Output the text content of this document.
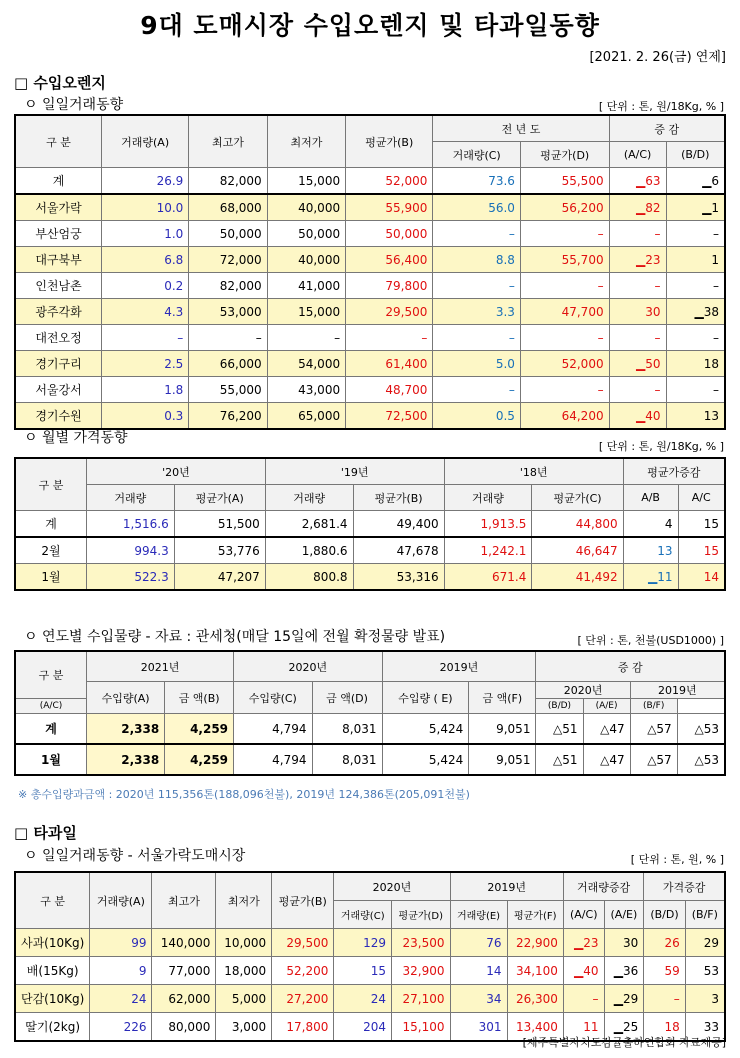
9대 도매시장 수입오렌지 및 타과일동향
[2021. 2. 26(금) 연제]
□ 수입오렌지
ㅇ 일일거래동향	[ 단위 : 톤, 원/18Kg, % ]
구 분	거래량(A)	최고가	최저가	평균가(B)	전 년 도		증 감	
					거래량(C)	평균가(D)	(A/C)	(B/D)
계	26.9	82,000	15,000	52,000	73.6	55,500	▁63	▁6
서울가락	10.0	68,000	40,000	55,900	56.0	56,200	▁82	▁1
부산엄궁	1.0	50,000	50,000	50,000	–	–	–	–
대구북부	6.8	72,000	40,000	56,400	8.8	55,700	▁23	1
인천남촌	0.2	82,000	41,000	79,800	–	–	–	–
광주각화	4.3	53,000	15,000	29,500	3.3	47,700	30	▁38
대전오정	–	–	–	–	–	–	–	–
경기구리	2.5	66,000	54,000	61,400	5.0	52,000	▁50	18
서울강서	1.8	55,000	43,000	48,700	–	–	–	–
경기수원	0.3	76,200	65,000	72,500	0.5	64,200	▁40	13
ㅇ 월별 가격동향
[ 단위 : 톤, 원/18Kg, % ]
구 분	'20년		'19년		'18년		평균가증감	
	거래량	평균가(A)	거래량	평균가(B)	거래량	평균가(C)	A/B	A/C
계	1,516.6	51,500	2,681.4	49,400	1,913.5	44,800	4	15
2월	994.3	53,776	1,880.6	47,678	1,242.1	46,647	13	15
1월	522.3	47,207	800.8	53,316	671.4	41,492	▁11	14
ㅇ 연도별 수입물량 - 자료 : 관세청(매달 15일에 전월 확정물량 발표)	[ 단위 : 톤, 천불(USD1000) ]
구 분	2021년		2020년		2019년		증 감			
	수입량(A)	금 액(B)	수입량(C)	금 액(D)	수입량 ( E)	금 액(F)	2020년		2019년	
(A/C)							(B/D)	(A/E)	(B/F)	
계	2,338	4,259	4,794	8,031	5,424	9,051	△51	△47	△57	△53
1월	2,338	4,259	4,794	8,031	5,424	9,051	△51	△47	△57	△53
※ 총수입량과금액 : 2020년 115,356톤(188,096천불), 2019년 124,386톤(205,091천불)
□ 타과일
ㅇ 일일거래동향 - 서울가락도매시장	[ 단위 : 톤, 원, % ]
구 분	거래량(A)	최고가	최저가	평균가(B)	2020년		2019년		거래량증감		가격증감	
					거래량(C)	평균가(D)	거래량(E)	평균가(F)	(A/C)	(A/E)	(B/D)	(B/F)
사과(10Kg)	99	140,000	10,000	29,500	129	23,500	76	22,900	▁23	30	26	29
배(15Kg)	9	77,000	18,000	52,200	15	32,900	14	34,100	▁40	▁36	59	53
단감(10Kg)	24	62,000	5,000	27,200	24	27,100	34	26,300	–	▁29	–	3
딸기(2kg)	226	80,000	3,000	17,800	204	15,100	301	13,400	11	▁25	18	33
[제주특별자치도감귤출하연합회 자료제공]
